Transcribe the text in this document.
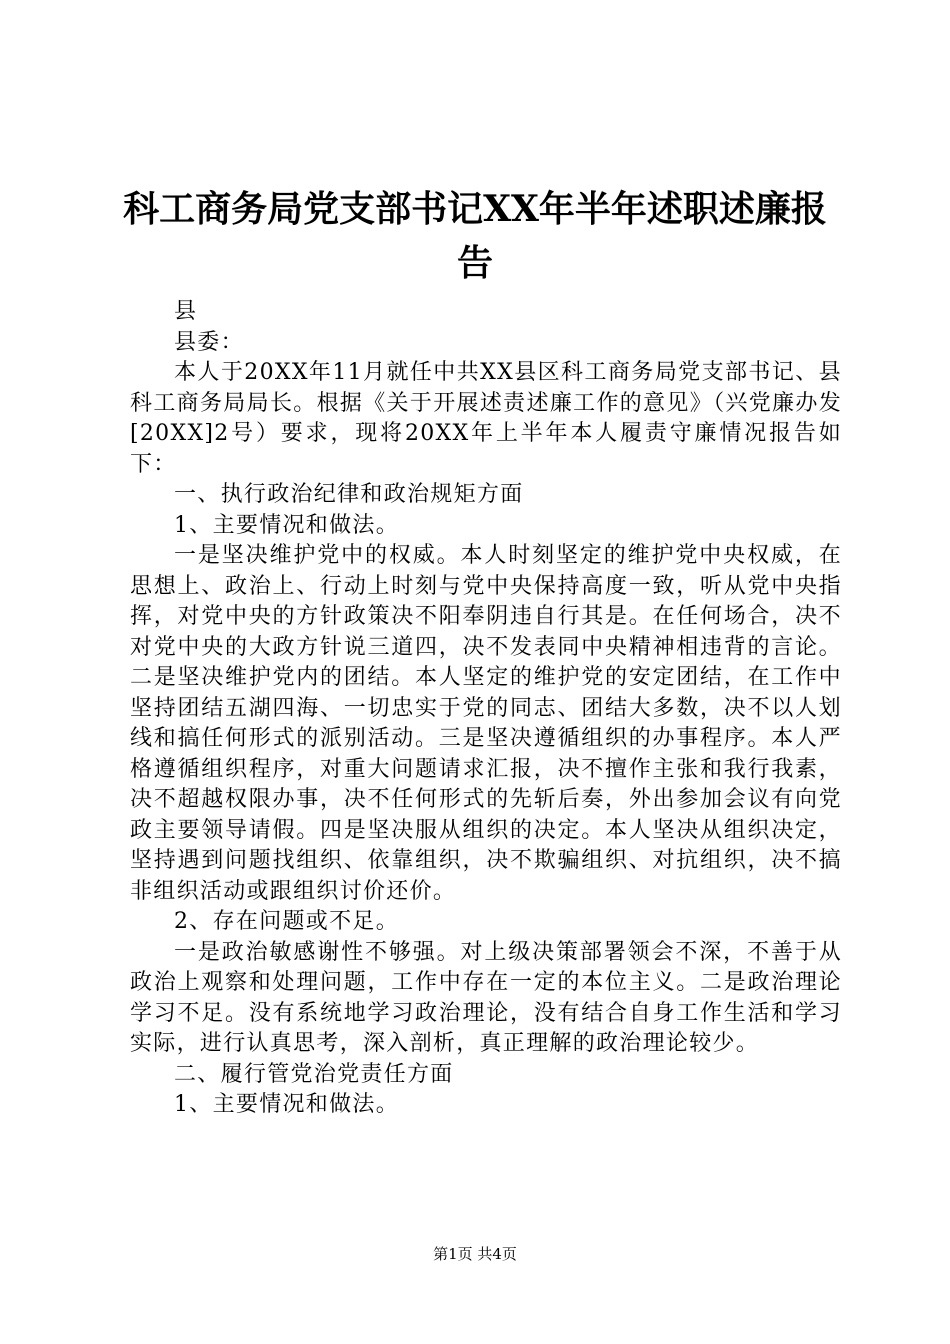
科工商务局党支部书记XX年半年述职述廉报告

县

县委：

本人于20XX年11月就任中共XX县区科工商务局党支部书记、县科工商务局局长。根据《关于开展述责述廉工作的意见》（兴党廉办发[20XX]2号）要求，现将20XX年上半年本人履责守廉情况报告如下：

一、执行政治纪律和政治规矩方面

1、主要情况和做法。

一是坚决维护党中的权威。本人时刻坚定的维护党中央权威，在思想上、政治上、行动上时刻与党中央保持高度一致，听从党中央指挥，对党中央的方针政策决不阳奉阴违自行其是。在任何场合，决不对党中央的大政方针说三道四，决不发表同中央精神相违背的言论。二是坚决维护党内的团结。本人坚定的维护党的安定团结，在工作中坚持团结五湖四海、一切忠实于党的同志、团结大多数，决不以人划线和搞任何形式的派别活动。三是坚决遵循组织的办事程序。本人严格遵循组织程序，对重大问题请求汇报，决不擅作主张和我行我素，决不超越权限办事，决不任何形式的先斩后奏，外出参加会议有向党政主要领导请假。四是坚决服从组织的决定。本人坚决从组织决定，坚持遇到问题找组织、依靠组织，决不欺骗组织、对抗组织，决不搞非组织活动或跟组织讨价还价。

2、存在问题或不足。

一是政治敏感谢性不够强。对上级决策部署领会不深，不善于从政治上观察和处理问题，工作中存在一定的本位主义。二是政治理论学习不足。没有系统地学习政治理论，没有结合自身工作生活和学习实际，进行认真思考，深入剖析，真正理解的政治理论较少。

二、履行管党治党责任方面

1、主要情况和做法。

第1页 共4页
